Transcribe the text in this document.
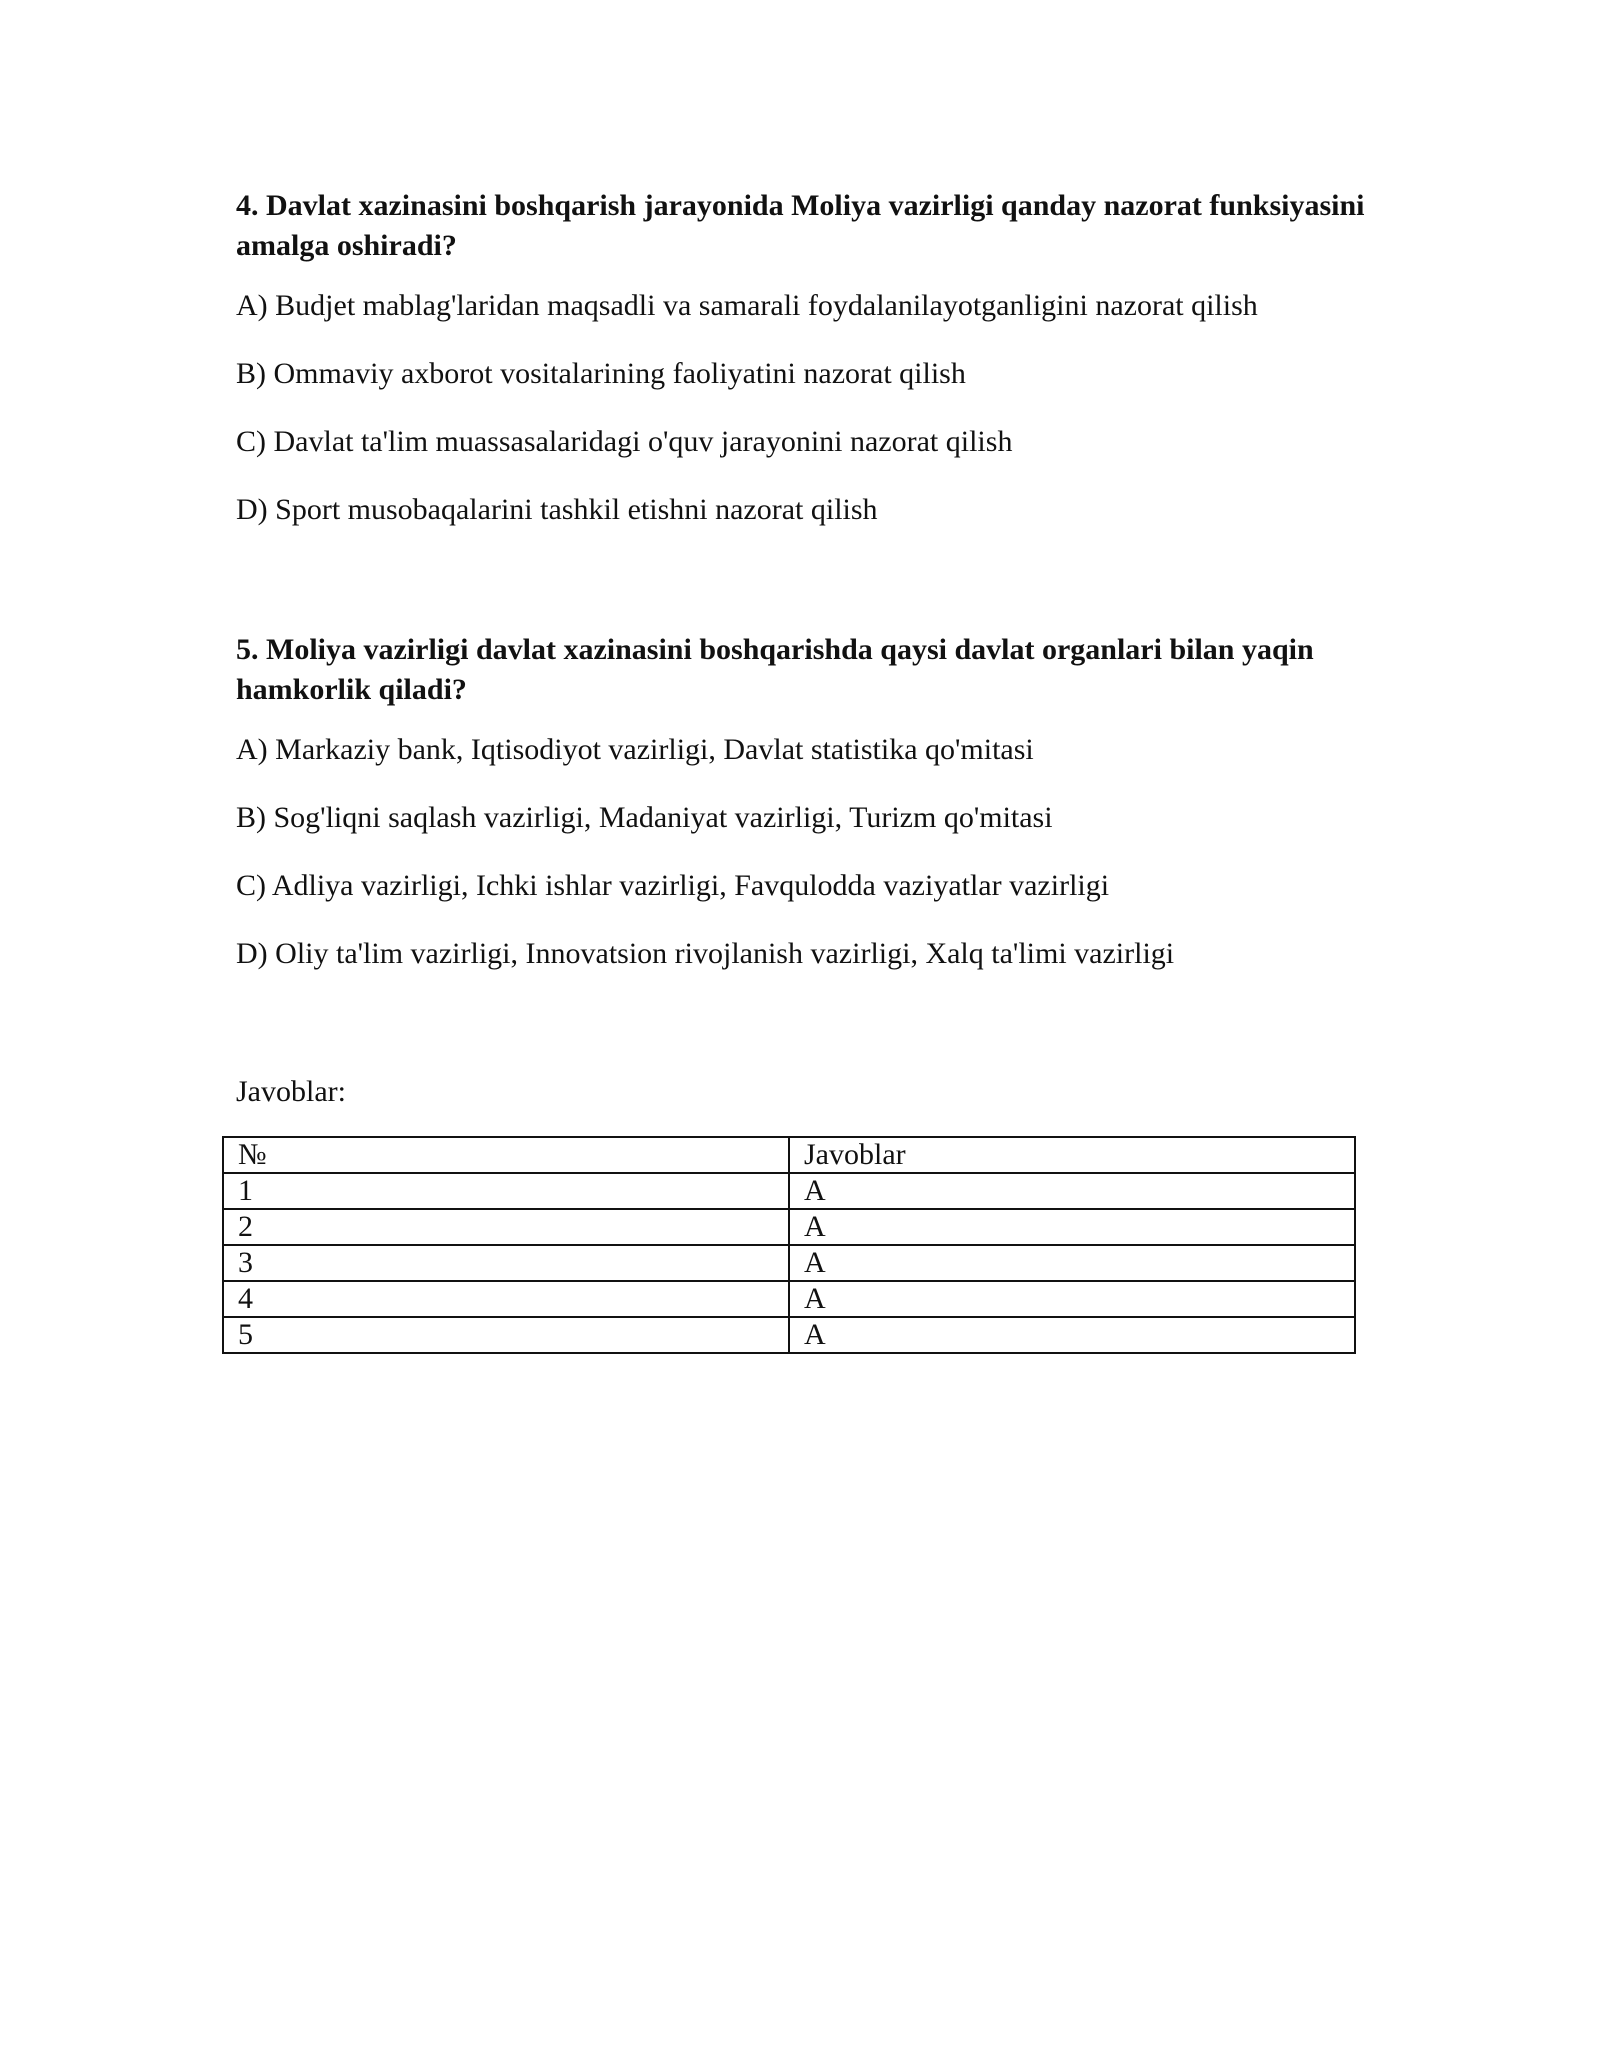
4. Davlat xazinasini boshqarish jarayonida Moliya vazirligi qanday nazorat funksiyasini amalga oshiradi?

A) Budjet mablag'laridan maqsadli va samarali foydalanilayotganligini nazorat qilish

B) Ommaviy axborot vositalarining faoliyatini nazorat qilish

C) Davlat ta'lim muassasalaridagi o'quv jarayonini nazorat qilish

D) Sport musobaqalarini tashkil etishni nazorat qilish

5. Moliya vazirligi davlat xazinasini boshqarishda qaysi davlat organlari bilan yaqin hamkorlik qiladi?

A) Markaziy bank, Iqtisodiyot vazirligi, Davlat statistika qo'mitasi

B) Sog'liqni saqlash vazirligi, Madaniyat vazirligi, Turizm qo'mitasi

C) Adliya vazirligi, Ichki ishlar vazirligi, Favqulodda vaziyatlar vazirligi

D) Oliy ta'lim vazirligi, Innovatsion rivojlanish vazirligi, Xalq ta'limi vazirligi

Javoblar:

№	Javoblar
1	A
2	A
3	A
4	A
5	A
